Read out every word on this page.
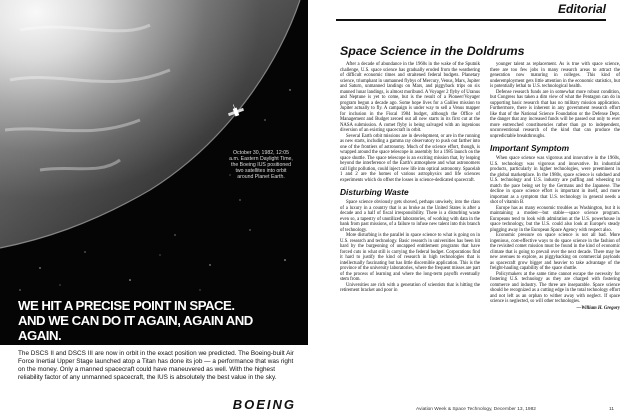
October 30, 1982, 12:05 a.m. Eastern Daylight Time, the Boeing IUS positioned two satellites into orbit around Planet Earth.
WE HIT A PRECISE POINT IN SPACE.
AND WE CAN DO IT AGAIN, AGAIN AND AGAIN.

The DSCS II and DSCS III are now in orbit in the exact position we predicted. The Boeing-built Air Force Inertial Upper Stage launched atop a Titan has done its job — a performance that was right on the money. Only a manned spacecraft could have maneuvered as well. With the highest reliability factor of any unmanned spacecraft, the IUS is absolutely the best value in the sky.

BOEING
Editorial
Space Science in the Doldrums

After a decade of abundance in the 1960s in the wake of the Sputnik challenge, U.S. space science has gradually eroded from the weathering of difficult economic times and straitened federal budgets. Planetary science, triumphant in unmanned flybys of Mercury, Venus, Mars, Jupiter and Saturn, unmanned landings on Mars, and piggyback trips on six manned lunar landings, is almost moribund. A Voyager 2 flyby of Uranus and Neptune is yet to come, but is the result of a Pioneer/Voyager program begun a decade ago. Some hope lives for a Galileo mission to Jupiter actually to fly. A campaign is under way to sell a Venus mapper for inclusion in the Fiscal 1984 budget, although the Office of Management and Budget zeroed out all new starts in its first cut at the NASA submission. A comet flyby is being salvaged with an ingenious diversion of an existing spacecraft in orbit.

Several Earth orbit missions are in development, or are in the running as new starts, including a gamma ray observatory to push out farther into one of the frontiers of astronomy. Much of the science effort, though, is wrapped around the space telescope in assembly for a 1985 launch on the space shuttle. The space telescope is an exciting mission that, by leaping beyond the interference of the Earth's atmosphere and what astronomers call light pollution, could inject new life into optical astronomy. Spacelab 1 and 2 are the homes of various astrophysics and life sciences experiments which do offset the losses in science-dedicated spacecraft.

Disturbing Waste

Space science obviously gets shoved, perhaps unwisely, into the class of a luxury in a country that is as broke as the United States is after a decade and a half of fiscal irresponsibility. There is a disturbing waste even so, a tapestry of unutilized laboratories, of working with data in the bank from past missions, of a failure to infuse new talent into this branch of technology.

More disturbing is the parallel in space science to what is going on in U.S. research and technology. Basic research in universities has been hit hard by the burgeoning of uncapped entitlement programs that have forced cuts in what still is carrying the federal budget. Corporations find it hard to justify the kind of research in high technologies that is intellectually fascinating but has little discernible application. This is the province of the university laboratories, where the frequent misses are part of the process of learning and where the long-term payoffs eventually stem from.

Universities are rich with a generation of scientists that is hitting the retirement bracket and poor in

younger talent as replacement. As is true with space science, there are too few jobs in many research areas to attract the generation now maturing in colleges. This kind of underemployment gets little attention in the economic statistics, but is potentially lethal to U.S. technological health.

Defense research funds are in somewhat more robust condition, but Congress has taken a dim view of what the Pentagon can do in supporting basic research that has no military mission application. Furthermore, there is inherent in any government research effort like that of the National Science Foundation or the Defense Dept. the danger that any increased funds will be passed out only to ever more entrenched constituencies rather than go to independent, unconventional research of the kind that can produce the unpredictable breakthroughs.

Important Symptom

When space science was vigorous and innovative in the 1960s, U.S. technology was vigorous and innovative. Its industrial products, particularly in higher technologies, were preeminent in the global marketplace. In the 1980s, space science is subdued and U.S. technology and U.S. industry are puffing and wheezing to match the pace being set by the Germans and the Japanese. The decline in space science effort is important in itself, and more important as a symptom that U.S. technology in general needs a shot of vitamin B.

Europe has as many economic troubles as Washington, but it is maintaining a modest—but stable—space science program. Europeans tend to look with admiration at the U.S. powerhouse in space technology, but the U.S. could also look at Europe's steady plugging away in the European Space Agency with respect also.

Economic pressure on space science is not all bad. More ingenious, cost-effective ways to do space science in the fashion of the revisited comet mission must be found in the kind of economic climate that is going to prevail over the next decade. There may be new avenues to explore, as piggybacking on commercial payloads as spacecraft grow bigger and heavier to take advantage of the freight-hauling capability of the space shuttle.

Policymakers at the same time cannot escape the necessity for fostering U.S. technology as they are charged with fostering commerce and industry. The three are inseparable. Space science should be recognized as a cutting edge in the total technology effort and not left as an orphan to wither away with neglect. If space science is neglected, so will other technologies.

—William H. Gregory
Aviation Week & Space Technology, December 13, 1982	11
